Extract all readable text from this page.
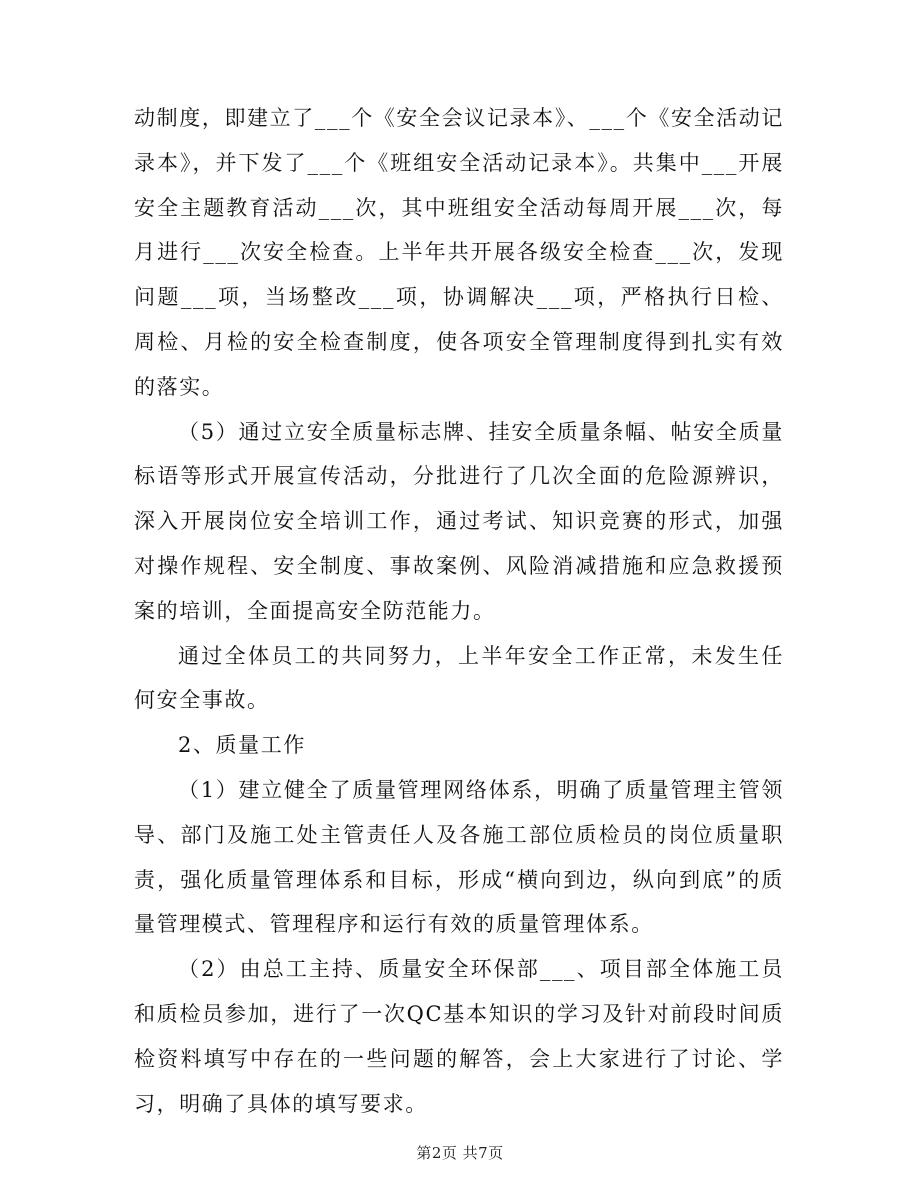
动制度，即建立了___个《安全会议记录本》、___个《安全活动记录本》，并下发了___个《班组安全活动记录本》。共集中___开展安全主题教育活动___次，其中班组安全活动每周开展___次，每月进行___次安全检查。上半年共开展各级安全检查___次，发现问题___项，当场整改___项，协调解决___项，严格执行日检、周检、月检的安全检查制度，使各项安全管理制度得到扎实有效的落实。

（5）通过立安全质量标志牌、挂安全质量条幅、帖安全质量标语等形式开展宣传活动，分批进行了几次全面的危险源辨识，深入开展岗位安全培训工作，通过考试、知识竞赛的形式，加强对操作规程、安全制度、事故案例、风险消减措施和应急救援预案的培训，全面提高安全防范能力。

通过全体员工的共同努力，上半年安全工作正常，未发生任何安全事故。

2、质量工作

（1）建立健全了质量管理网络体系，明确了质量管理主管领导、部门及施工处主管责任人及各施工部位质检员的岗位质量职责，强化质量管理体系和目标，形成“横向到边，纵向到底”的质量管理模式、管理程序和运行有效的质量管理体系。

（2）由总工主持、质量安全环保部___、项目部全体施工员和质检员参加，进行了一次QC基本知识的学习及针对前段时间质检资料填写中存在的一些问题的解答，会上大家进行了讨论、学习，明确了具体的填写要求。

第2页 共7页
